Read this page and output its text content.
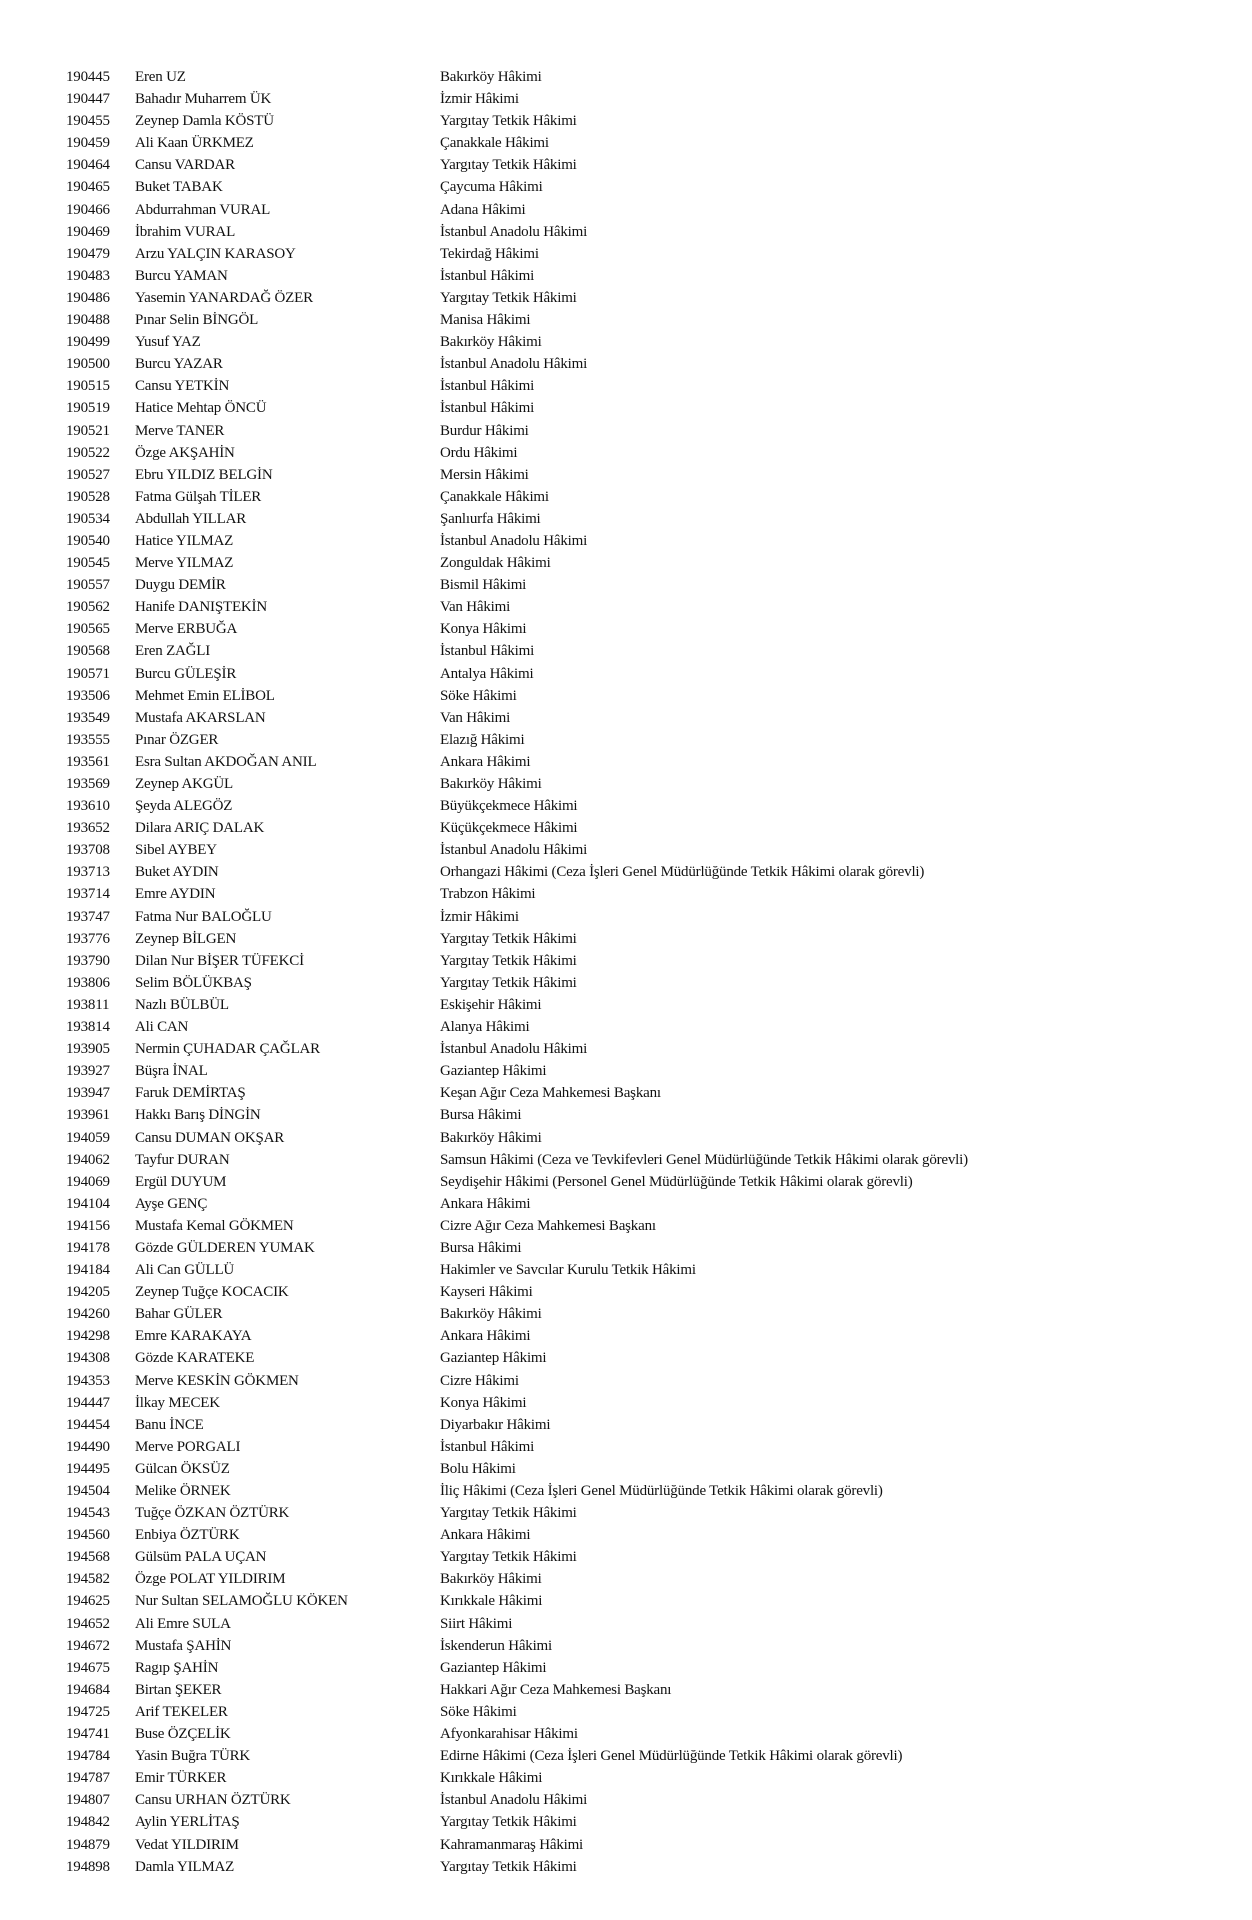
190445	Eren UZ	Bakırköy Hâkimi
190447	Bahadır Muharrem ÜK	İzmir Hâkimi
190455	Zeynep Damla KÖSTÜ	Yargıtay Tetkik Hâkimi
190459	Ali Kaan ÜRKMEZ	Çanakkale Hâkimi
190464	Cansu VARDAR	Yargıtay Tetkik Hâkimi
190465	Buket TABAK	Çaycuma Hâkimi
190466	Abdurrahman VURAL	Adana Hâkimi
190469	İbrahim VURAL	İstanbul Anadolu Hâkimi
190479	Arzu YALÇIN KARASOY	Tekirdağ Hâkimi
190483	Burcu YAMAN	İstanbul Hâkimi
190486	Yasemin YANARDAĞ ÖZER	Yargıtay Tetkik Hâkimi
190488	Pınar Selin BİNGÖL	Manisa Hâkimi
190499	Yusuf YAZ	Bakırköy Hâkimi
190500	Burcu YAZAR	İstanbul Anadolu Hâkimi
190515	Cansu YETKİN	İstanbul Hâkimi
190519	Hatice Mehtap ÖNCÜ	İstanbul Hâkimi
190521	Merve TANER	Burdur Hâkimi
190522	Özge AKŞAHİN	Ordu Hâkimi
190527	Ebru YILDIZ BELGİN	Mersin Hâkimi
190528	Fatma Gülşah TİLER	Çanakkale Hâkimi
190534	Abdullah YILLAR	Şanlıurfa Hâkimi
190540	Hatice YILMAZ	İstanbul Anadolu Hâkimi
190545	Merve YILMAZ	Zonguldak Hâkimi
190557	Duygu DEMİR	Bismil Hâkimi
190562	Hanife DANIŞTEKİN	Van Hâkimi
190565	Merve ERBUĞA	Konya Hâkimi
190568	Eren ZAĞLI	İstanbul Hâkimi
190571	Burcu GÜLEŞİR	Antalya Hâkimi
193506	Mehmet Emin ELİBOL	Söke Hâkimi
193549	Mustafa AKARSLAN	Van Hâkimi
193555	Pınar ÖZGER	Elazığ Hâkimi
193561	Esra Sultan AKDOĞAN ANIL	Ankara Hâkimi
193569	Zeynep AKGÜL	Bakırköy Hâkimi
193610	Şeyda ALEGÖZ	Büyükçekmece Hâkimi
193652	Dilara ARIÇ DALAK	Küçükçekmece Hâkimi
193708	Sibel AYBEY	İstanbul Anadolu Hâkimi
193713	Buket AYDIN	Orhangazi Hâkimi (Ceza İşleri Genel Müdürlüğünde Tetkik Hâkimi olarak görevli)
193714	Emre AYDIN	Trabzon Hâkimi
193747	Fatma Nur BALOĞLU	İzmir Hâkimi
193776	Zeynep BİLGEN	Yargıtay Tetkik Hâkimi
193790	Dilan Nur BİŞER TÜFEKCİ	Yargıtay Tetkik Hâkimi
193806	Selim BÖLÜKBAŞ	Yargıtay Tetkik Hâkimi
193811	Nazlı BÜLBÜL	Eskişehir Hâkimi
193814	Ali CAN	Alanya Hâkimi
193905	Nermin ÇUHADAR ÇAĞLAR	İstanbul Anadolu Hâkimi
193927	Büşra İNAL	Gaziantep Hâkimi
193947	Faruk DEMİRTAŞ	Keşan Ağır Ceza Mahkemesi Başkanı
193961	Hakkı Barış DİNGİN	Bursa Hâkimi
194059	Cansu DUMAN OKŞAR	Bakırköy Hâkimi
194062	Tayfur DURAN	Samsun Hâkimi (Ceza ve Tevkifevleri Genel Müdürlüğünde Tetkik Hâkimi olarak görevli)
194069	Ergül DUYUM	Seydişehir Hâkimi (Personel Genel Müdürlüğünde Tetkik Hâkimi olarak görevli)
194104	Ayşe GENÇ	Ankara Hâkimi
194156	Mustafa Kemal GÖKMEN	Cizre Ağır Ceza Mahkemesi Başkanı
194178	Gözde GÜLDEREN YUMAK	Bursa Hâkimi
194184	Ali Can GÜLLÜ	Hakimler ve Savcılar Kurulu Tetkik Hâkimi
194205	Zeynep Tuğçe KOCACIK	Kayseri Hâkimi
194260	Bahar GÜLER	Bakırköy Hâkimi
194298	Emre KARAKAYA	Ankara Hâkimi
194308	Gözde KARATEKE	Gaziantep Hâkimi
194353	Merve KESKİN GÖKMEN	Cizre Hâkimi
194447	İlkay MECEK	Konya Hâkimi
194454	Banu İNCE	Diyarbakır Hâkimi
194490	Merve PORGALI	İstanbul Hâkimi
194495	Gülcan ÖKSÜZ	Bolu Hâkimi
194504	Melike ÖRNEK	İliç Hâkimi (Ceza İşleri Genel Müdürlüğünde Tetkik Hâkimi olarak görevli)
194543	Tuğçe ÖZKAN ÖZTÜRK	Yargıtay Tetkik Hâkimi
194560	Enbiya ÖZTÜRK	Ankara Hâkimi
194568	Gülsüm PALA UÇAN	Yargıtay Tetkik Hâkimi
194582	Özge POLAT YILDIRIM	Bakırköy Hâkimi
194625	Nur Sultan SELAMOĞLU KÖKEN	Kırıkkale Hâkimi
194652	Ali Emre SULA	Siirt Hâkimi
194672	Mustafa ŞAHİN	İskenderun Hâkimi
194675	Ragıp ŞAHİN	Gaziantep Hâkimi
194684	Birtan ŞEKER	Hakkari Ağır Ceza Mahkemesi Başkanı
194725	Arif TEKELER	Söke Hâkimi
194741	Buse ÖZÇELİK	Afyonkarahisar Hâkimi
194784	Yasin Buğra TÜRK	Edirne Hâkimi (Ceza İşleri Genel Müdürlüğünde Tetkik Hâkimi olarak görevli)
194787	Emir TÜRKER	Kırıkkale Hâkimi
194807	Cansu URHAN ÖZTÜRK	İstanbul Anadolu Hâkimi
194842	Aylin YERLİTAŞ	Yargıtay Tetkik Hâkimi
194879	Vedat YILDIRIM	Kahramanmaraş Hâkimi
194898	Damla YILMAZ	Yargıtay Tetkik Hâkimi
